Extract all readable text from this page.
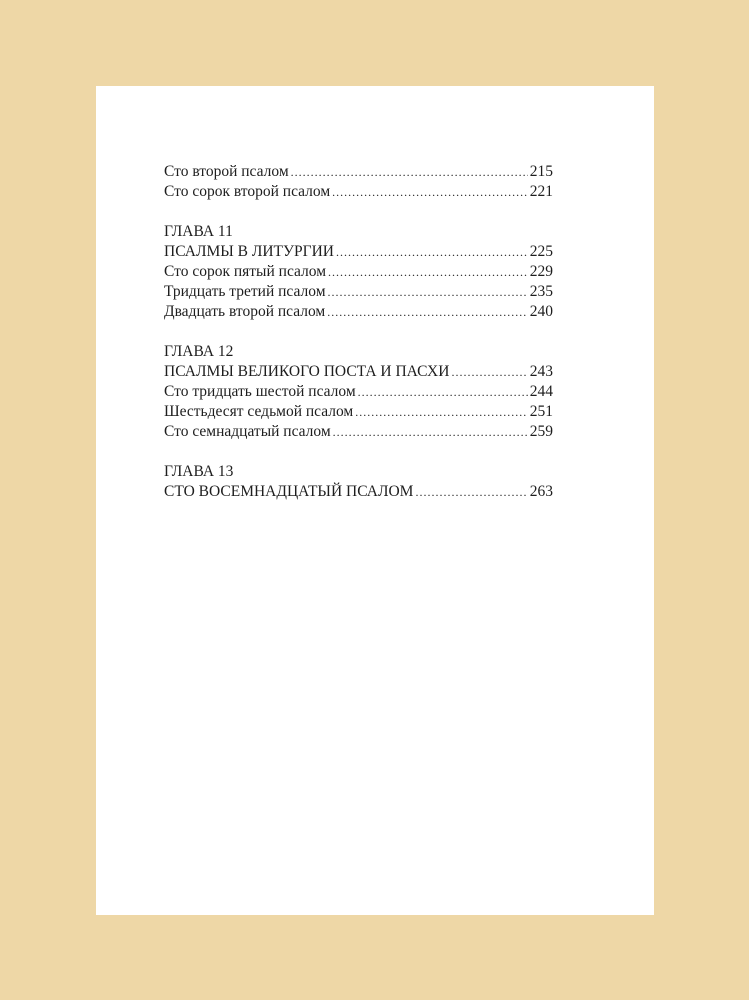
Сто второй псалом .....	215
Сто сорок второй псалом .....	221
ГЛАВА 11
ПСАЛМЫ В ЛИТУРГИИ .....	225
Сто сорок пятый псалом .....	229
Тридцать третий псалом .....	235
Двадцать второй псалом .....	240
ГЛАВА 12
ПСАЛМЫ ВЕЛИКОГО ПОСТА И ПАСХИ .....	243
Сто тридцать шестой псалом .....	244
Шестьдесят седьмой псалом .....	251
Сто семнадцатый псалом .....	259
ГЛАВА 13
СТО ВОСЕМНАДЦАТЫЙ ПСАЛОМ .....	263
